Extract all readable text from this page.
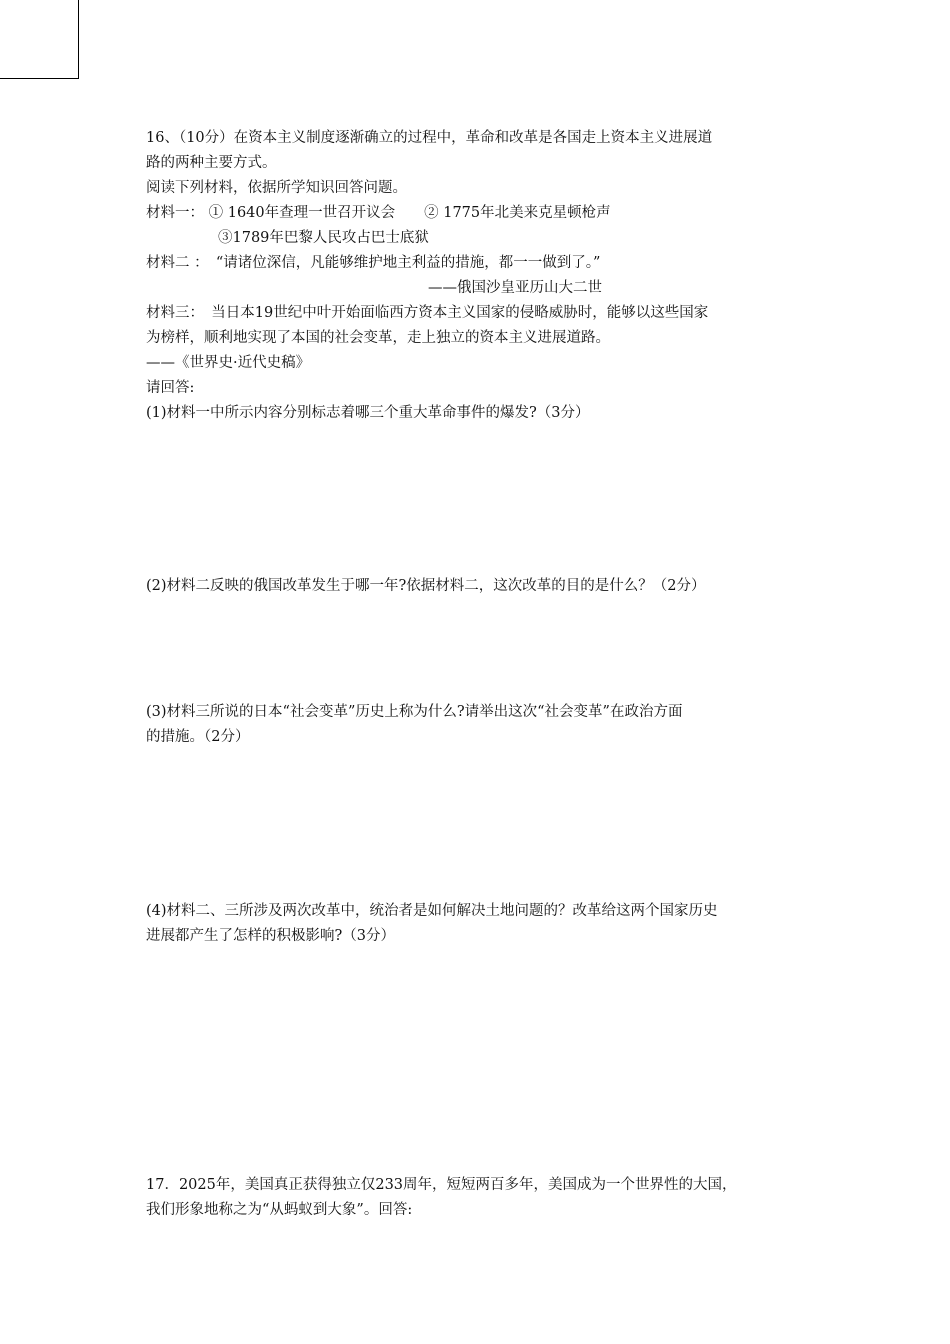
16、（10分）在资本主义制度逐渐确立的过程中，革命和改革是各国走上资本主义进展道
路的两种主要方式。
阅读下列材料，依据所学知识回答问题。
材料一： ① 1640年查理一世召开议会　　② 1775年北美来克星顿枪声
③1789年巴黎人民攻占巴士底狱
材料二 ：　“请诸位深信，凡能够维护地主利益的措施，都一一做到了。”
——俄国沙皇亚历山大二世
材料三：　当日本19世纪中叶开始面临西方资本主义国家的侵略威胁时，能够以这些国家
为榜样，顺利地实现了本国的社会变革，走上独立的资本主义进展道路。
——《世界史·近代史稿》
请回答:
(1)材料一中所示内容分别标志着哪三个重大革命事件的爆发?（3分）
(2)材料二反映的俄国改革发生于哪一年?依据材料二，这次改革的目的是什么？（2分）
(3)材料三所说的日本“社会变革”历史上称为什么?请举出这次“社会变革”在政治方面
的措施。（2分）
(4)材料二、三所涉及两次改革中，统治者是如何解决土地问题的？改革给这两个国家历史
进展都产生了怎样的积极影响?（3分）
17．2025年，美国真正获得独立仅233周年，短短两百多年，美国成为一个世界性的大国，
我们形象地称之为“从蚂蚁到大象”。回答:
